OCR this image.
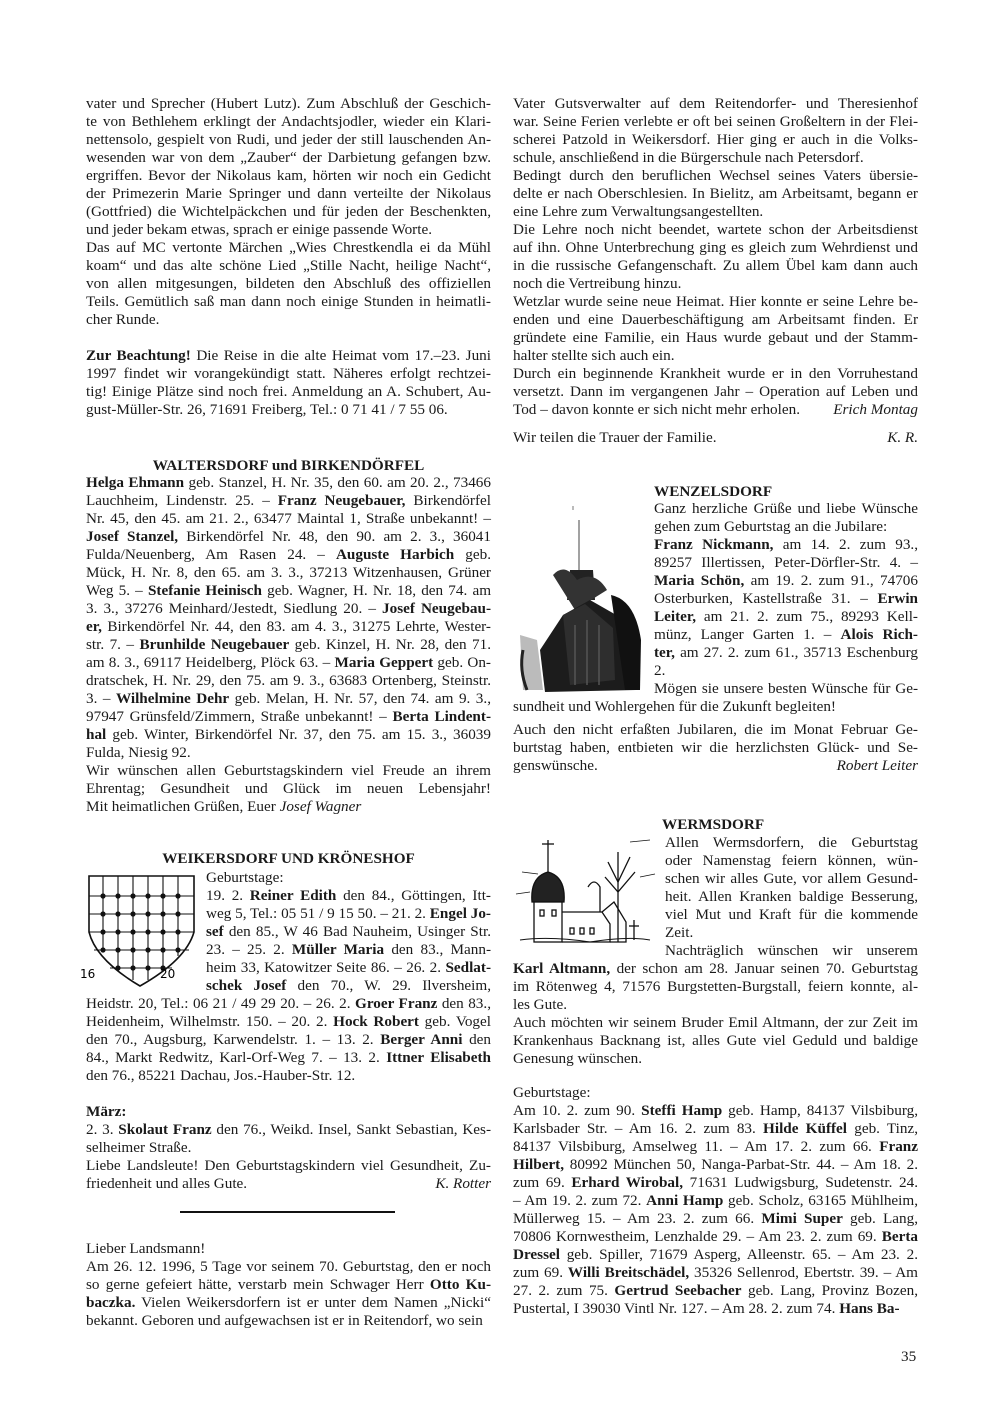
vater und Sprecher (Hubert Lutz). Zum Abschluß der Geschich-
te von Bethlehem erklingt der Andachtsjodler, wieder ein Klari-
nettensolo, gespielt von Rudi, und jeder der still lauschenden An-
wesenden war von dem „Zauber“ der Darbietung gefangen bzw.
ergriffen. Bevor der Nikolaus kam, hörten wir noch ein Gedicht
der Primezerin Marie Springer und dann verteilte der Nikolaus
(Gottfried) die Wichtelpäckchen und für jeden der Beschenkten,
und jeder bekam etwas, sprach er einige passende Worte.
Das auf MC vertonte Märchen „Wies Chrestkendla ei da Mühl
koam“ und das alte schöne Lied „Stille Nacht, heilige Nacht“,
von allen mitgesungen, bildeten den Abschluß des offiziellen
Teils. Gemütlich saß man dann noch einige Stunden in heimatli-
cher Runde.
Zur Beachtung! Die Reise in die alte Heimat vom 17.–23. Juni
1997 findet wir vorangekündigt statt. Näheres erfolgt rechtzei-
tig! Einige Plätze sind noch frei. Anmeldung an A. Schubert, Au-
gust-Müller-Str. 26, 71691 Freiberg, Tel.: 0 71 41 / 7 55 06.
WALTERSDORF und BIRKENDÖRFEL
Helga Ehmann geb. Stanzel, H. Nr. 35, den 60. am 20. 2., 73466
Lauchheim, Lindenstr. 25. – Franz Neugebauer, Birkendörfel
Nr. 45, den 45. am 21. 2., 63477 Maintal 1, Straße unbekannt! –
Josef Stanzel, Birkendörfel Nr. 48, den 90. am 2. 3., 36041
Fulda/Neuenberg, Am Rasen 24. – Auguste Harbich geb.
Mück, H. Nr. 8, den 65. am 3. 3., 37213 Witzenhausen, Grüner
Weg 5. – Stefanie Heinisch geb. Wagner, H. Nr. 18, den 74. am
3. 3., 37276 Meinhard/Jestedt, Siedlung 20. – Josef Neugebau-
er, Birkendörfel Nr. 44, den 83. am 4. 3., 31275 Lehrte, Wester-
str. 7. – Brunhilde Neugebauer geb. Kinzel, H. Nr. 28, den 71.
am 8. 3., 69117 Heidelberg, Plöck 63. – Maria Geppert geb. On-
dratschek, H. Nr. 29, den 75. am 9. 3., 63683 Ortenberg, Steinstr.
3. – Wilhelmine Dehr geb. Melan, H. Nr. 57, den 74. am 9. 3.,
97947 Grünsfeld/Zimmern, Straße unbekannt! – Berta Lindent-
hal geb. Winter, Birkendörfel Nr. 37, den 75. am 15. 3., 36039
Fulda, Niesig 92.
Wir wünschen allen Geburtstagskindern viel Freude an ihrem
Ehrentag; Gesundheit und Glück im neuen Lebensjahr!
Mit heimatlichen Grüßen, Euer Josef Wagner
WEIKERSDORF UND KRÖNESHOF
16	20
Geburtstage:
19. 2. Reiner Edith den 84., Göttingen, Itt-
weg 5, Tel.: 05 51 / 9 15 50. – 21. 2. Engel Jo-
sef den 85., W 46 Bad Nauheim, Usinger Str.
23. – 25. 2. Müller Maria den 83., Mann-
heim 33, Katowitzer Seite 86. – 26. 2. Sedlat-
schek Josef den 70., W. 29. Ilversheim,
Heidstr. 20, Tel.: 06 21 / 49 29 20. – 26. 2. Groer Franz den 83.,
Heidenheim, Wilhelmstr. 150. – 20. 2. Hock Robert geb. Vogel
den 70., Augsburg, Karwendelstr. 1. – 13. 2. Berger Anni den
84., Markt Redwitz, Karl-Orf-Weg 7. – 13. 2. Ittner Elisabeth
den 76., 85221 Dachau, Jos.-Hauber-Str. 12.
März:
2. 3. Skolaut Franz den 76., Weikd. Insel, Sankt Sebastian, Kes-
selheimer Straße.
Liebe Landsleute! Den Geburtstagskindern viel Gesundheit, Zu-
friedenheit und alles Gute.	K. Rotter
Lieber Landsmann!
Am 26. 12. 1996, 5 Tage vor seinem 70. Geburtstag, den er noch
so gerne gefeiert hätte, verstarb mein Schwager Herr Otto Ku-
baczka. Vielen Weikersdorfern ist er unter dem Namen „Nicki“
bekannt. Geboren und aufgewachsen ist er in Reitendorf, wo sein
Vater Gutsverwalter auf dem Reitendorfer- und Theresienhof
war. Seine Ferien verlebte er oft bei seinen Großeltern in der Flei-
scherei Patzold in Weikersdorf. Hier ging er auch in die Volks-
schule, anschließend in die Bürgerschule nach Petersdorf.
Bedingt durch den beruflichen Wechsel seines Vaters übersie-
delte er nach Oberschlesien. In Bielitz, am Arbeitsamt, begann er
eine Lehre zum Verwaltungsangestellten.
Die Lehre noch nicht beendet, wartete schon der Arbeitsdienst
auf ihn. Ohne Unterbrechung ging es gleich zum Wehrdienst und
in die russische Gefangenschaft. Zu allem Übel kam dann auch
noch die Vertreibung hinzu.
Wetzlar wurde seine neue Heimat. Hier konnte er seine Lehre be-
enden und eine Dauerbeschäftigung am Arbeitsamt finden. Er
gründete eine Familie, ein Haus wurde gebaut und der Stamm-
halter stellte sich auch ein.
Durch ein beginnende Krankheit wurde er in den Vorruhestand
versetzt. Dann im vergangenen Jahr – Operation auf Leben und
Tod – davon konnte er sich nicht mehr erholen. Erich Montag
Wir teilen die Trauer der Familie.	K. R.
WENZELSDORF
Ganz herzliche Grüße und liebe Wünsche
gehen zum Geburtstag an die Jubilare:
Franz Nickmann, am 14. 2. zum 93.,
89257 Illertissen, Peter-Dörfler-Str. 4. –
Maria Schön, am 19. 2. zum 91., 74706
Osterburken, Kastellstraße 31. – Erwin
Leiter, am 21. 2. zum 75., 89293 Kell-
münz, Langer Garten 1. – Alois Rich-
ter, am 27. 2. zum 61., 35713 Eschenburg
2.
Mögen sie unsere besten Wünsche für Ge-
sundheit und Wohlergehen für die Zukunft begleiten!
Auch den nicht erfaßten Jubilaren, die im Monat Februar Ge-
burtstag haben, entbieten wir die herzlichsten Glück- und Se-
genswünsche.	Robert Leiter
WERMSDORF
Allen Wermsdorfern, die Geburtstag
oder Namenstag feiern können, wün-
schen wir alles Gute, vor allem Gesund-
heit. Allen Kranken baldige Besserung,
viel Mut und Kraft für die kommende
Zeit.
Nachträglich wünschen wir unserem
Karl Altmann, der schon am 28. Januar seinen 70. Geburtstag
im Rötenweg 4, 71576 Burgstetten-Burgstall, feiern konnte, al-
les Gute.
Auch möchten wir seinem Bruder Emil Altmann, der zur Zeit im
Krankenhaus Backnang ist, alles Gute viel Geduld und baldige
Genesung wünschen.
Geburtstage:
Am 10. 2. zum 90. Steffi Hamp geb. Hamp, 84137 Vilsbiburg,
Karlsbader Str. – Am 16. 2. zum 83. Hilde Küffel geb. Tinz,
84137 Vilsbiburg, Amselweg 11. – Am 17. 2. zum 66. Franz
Hilbert, 80992 München 50, Nanga-Parbat-Str. 44. – Am 18. 2.
zum 69. Erhard Wirobal, 71631 Ludwigsburg, Sudetenstr. 24.
– Am 19. 2. zum 72. Anni Hamp geb. Scholz, 63165 Mühlheim,
Müllerweg 15. – Am 23. 2. zum 66. Mimi Super geb. Lang,
70806 Kornwestheim, Lenzhalde 29. – Am 23. 2. zum 69. Berta
Dressel geb. Spiller, 71679 Asperg, Alleenstr. 65. – Am 23. 2.
zum 69. Willi Breitschädel, 35326 Sellenrod, Ebertstr. 39. – Am
27. 2. zum 75. Gertrud Seebacher geb. Lang, Provinz Bozen,
Pustertal, I 39030 Vintl Nr. 127. – Am 28. 2. zum 74. Hans Ba-
35
